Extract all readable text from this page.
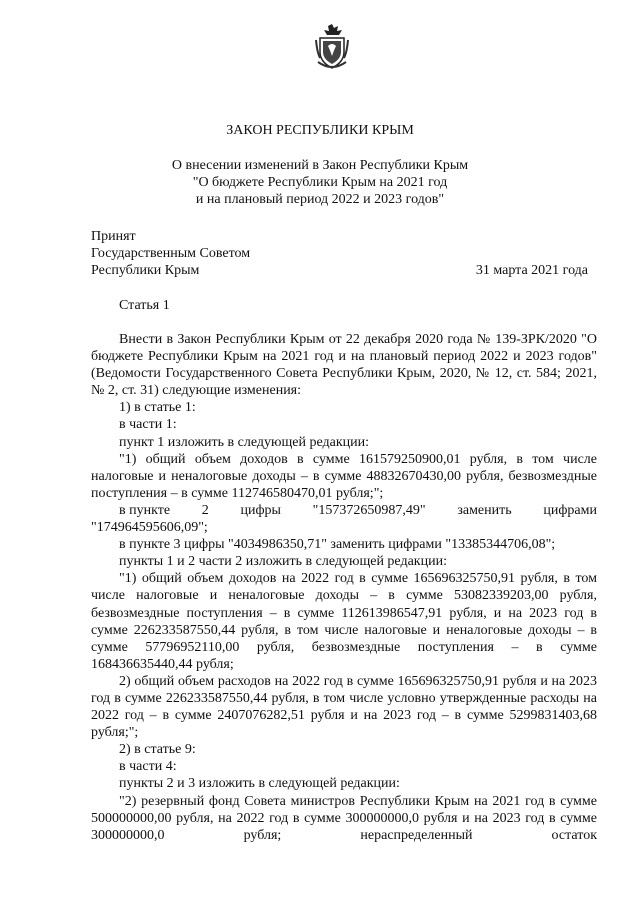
ЗАКОН РЕСПУБЛИКИ КРЫМ
О внесении изменений в Закон Республики Крым
"О бюджете Республики Крым на 2021 год
и на плановый период 2022 и 2023 годов"
Принят
Государственным Советом
Республики Крым	31 марта 2021 года
Статья 1

Внести в Закон Республики Крым от 22 декабря 2020 года № 139-ЗРК/2020 "О бюджете Республики Крым на 2021 год и на плановый период 2022 и 2023 годов" (Ведомости Государственного Совета Республики Крым, 2020, № 12, ст. 584; 2021, № 2, ст. 31) следующие изменения:

1) в статье 1:

в части 1:

пункт 1 изложить в следующей редакции:

"1) общий объем доходов в сумме 161579250900,01 рубля, в том числе налоговые и неналоговые доходы – в сумме 48832670430,00 рубля, безвозмездные поступления – в сумме 112746580470,01 рубля;";

в пункте 2 цифры "157372650987,49" заменить цифрами

"174964595606,09";

в пункте 3 цифры "4034986350,71" заменить цифрами "13385344706,08";

пункты 1 и 2 части 2 изложить в следующей редакции:

"1) общий объем доходов на 2022 год в сумме 165696325750,91 рубля, в том числе налоговые и неналоговые доходы – в сумме 53082339203,00 рубля, безвозмездные поступления – в сумме 112613986547,91 рубля, и на 2023 год в сумме 226233587550,44 рубля, в том числе налоговые и неналоговые доходы – в сумме 57796952110,00 рубля, безвозмездные поступления – в сумме 168436635440,44 рубля;

2) общий объем расходов на 2022 год в сумме 165696325750,91 рубля и на 2023 год в сумме 226233587550,44 рубля, в том числе условно утвержденные расходы на 2022 год – в сумме 2407076282,51 рубля и на 2023 год – в сумме 5299831403,68 рубля;";

2) в статье 9:

в части 4:

пункты 2 и 3 изложить в следующей редакции:

"2) резервный фонд Совета министров Республики Крым на 2021 год в сумме 500000000,00 рубля, на 2022 год в сумме 300000000,0 рубля и на 2023 год в сумме 300000000,0 рубля; нераспределенный остаток
